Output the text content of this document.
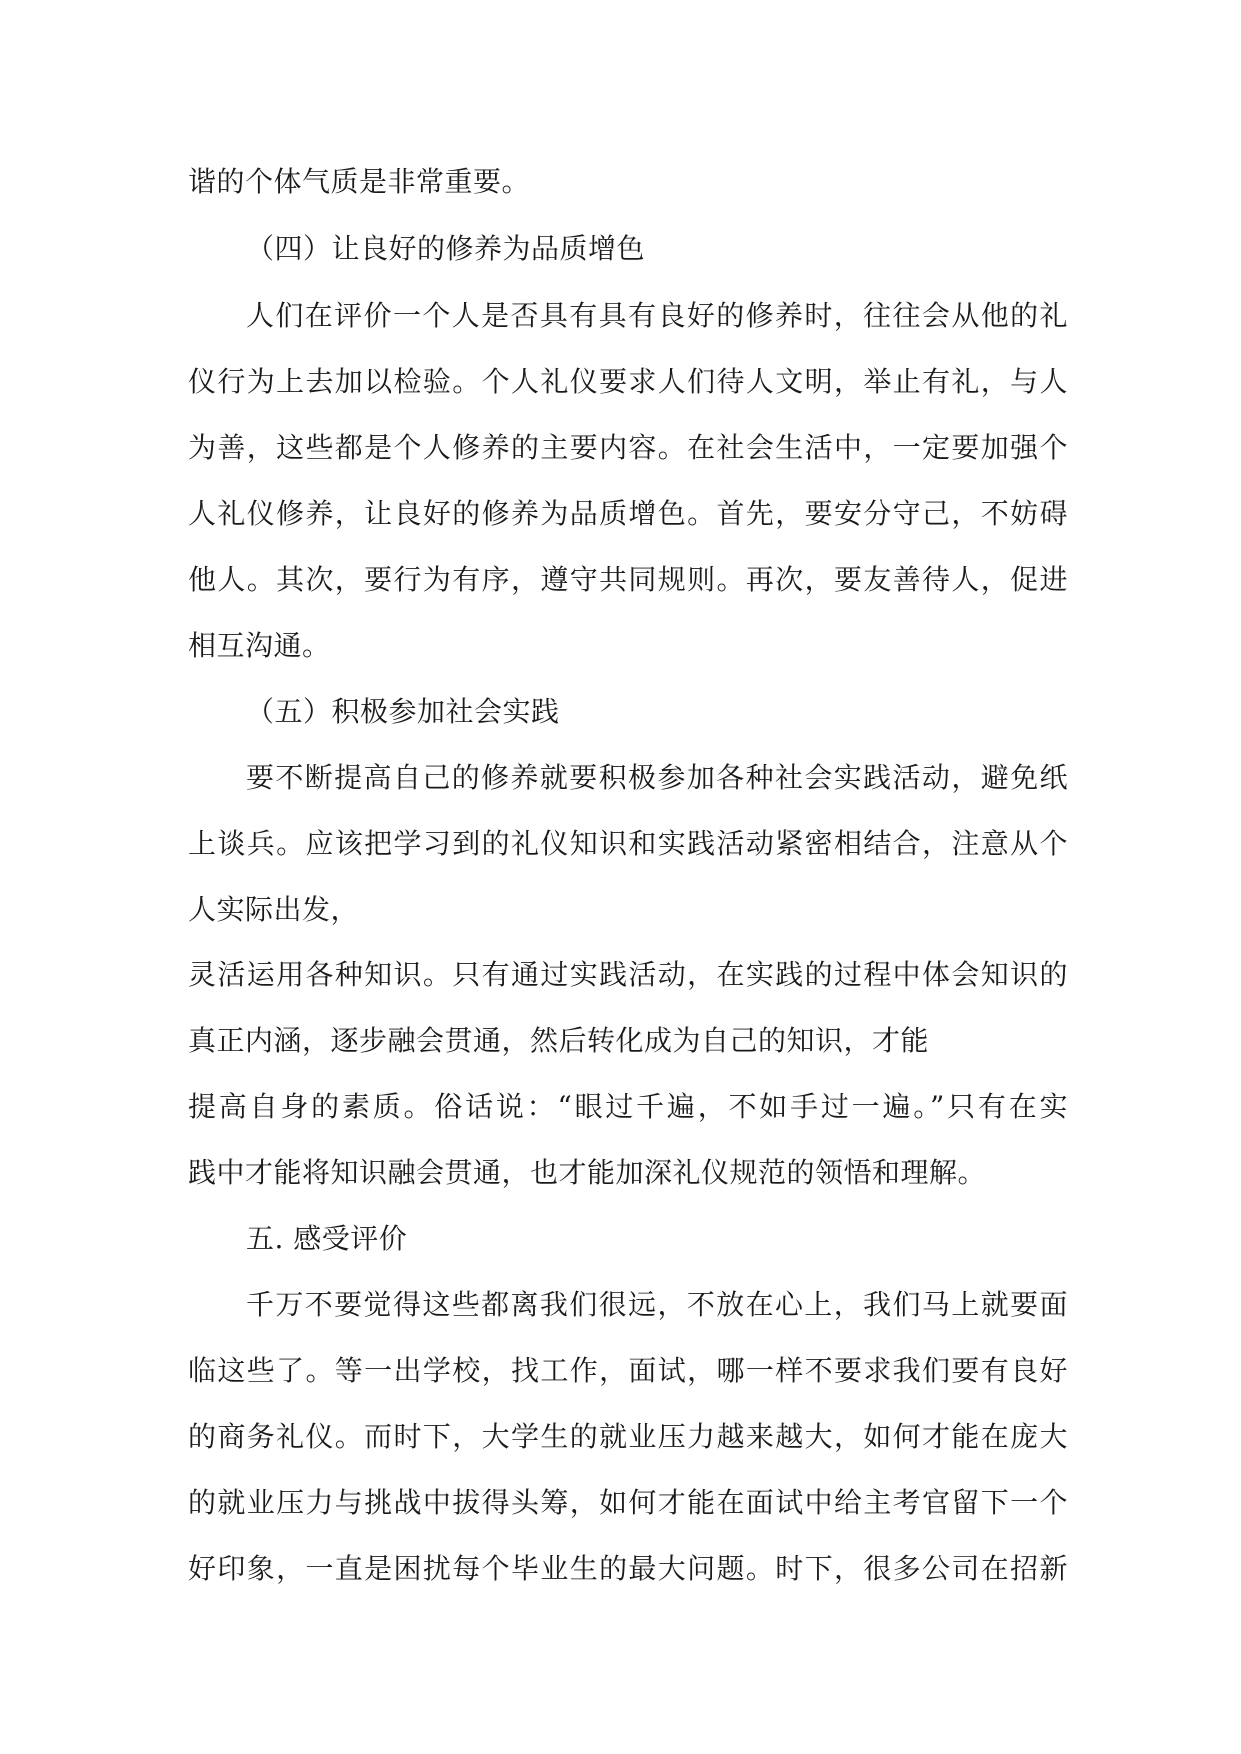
谐的个体气质是非常重要。
（四）让良好的修养为品质增色
人们在评价一个人是否具有具有良好的修养时，往往会从他的礼
仪行为上去加以检验。个人礼仪要求人们待人文明，举止有礼，与人
为善，这些都是个人修养的主要内容。在社会生活中，一定要加强个
人礼仪修养，让良好的修养为品质增色。首先，要安分守己，不妨碍
他人。其次，要行为有序，遵守共同规则。再次，要友善待人，促进
相互沟通。
（五）积极参加社会实践
要不断提高自己的修养就要积极参加各种社会实践活动，避免纸
上谈兵。应该把学习到的礼仪知识和实践活动紧密相结合，注意从个
人实际出发，
灵活运用各种知识。只有通过实践活动，在实践的过程中体会知识的
真正内涵，逐步融会贯通，然后转化成为自己的知识，才能
提高自身的素质。俗话说：“眼过千遍，不如手过一遍。”只有在实
践中才能将知识融会贯通，也才能加深礼仪规范的领悟和理解。
五. 感受评价
千万不要觉得这些都离我们很远，不放在心上，我们马上就要面
临这些了。等一出学校，找工作，面试，哪一样不要求我们要有良好
的商务礼仪。而时下，大学生的就业压力越来越大，如何才能在庞大
的就业压力与挑战中拔得头筹，如何才能在面试中给主考官留下一个
好印象，一直是困扰每个毕业生的最大问题。时下，很多公司在招新
